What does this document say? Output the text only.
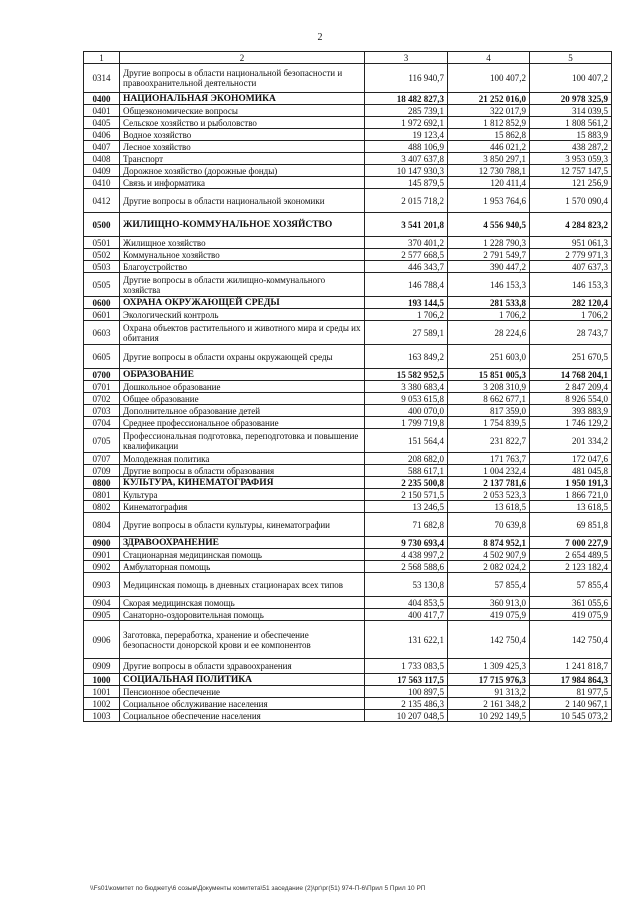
2
1	2	3	4	5
0314	Другие вопросы в области национальной безопасности и правоохранительной деятельности	116 940,7	100 407,2	100 407,2
0400	НАЦИОНАЛЬНАЯ ЭКОНОМИКА	18 482 827,3	21 252 016,0	20 978 325,9
0401	Общеэкономические вопросы	285 739,1	322 017,9	314 039,5
0405	Сельское хозяйство и рыболовство	1 972 692,1	1 812 852,9	1 808 561,2
0406	Водное хозяйство	19 123,4	15 862,8	15 883,9
0407	Лесное хозяйство	488 106,9	446 021,2	438 287,2
0408	Транспорт	3 407 637,8	3 850 297,1	3 953 059,3
0409	Дорожное хозяйство (дорожные фонды)	10 147 930,3	12 730 788,1	12 757 147,5
0410	Связь и информатика	145 879,5	120 411,4	121 256,9
0412	Другие вопросы в области национальной экономики	2 015 718,2	1 953 764,6	1 570 090,4
0500	ЖИЛИЩНО-КОММУНАЛЬНОЕ ХОЗЯЙСТВО	3 541 201,8	4 556 940,5	4 284 823,2
0501	Жилищное хозяйство	370 401,2	1 228 790,3	951 061,3
0502	Коммунальное хозяйство	2 577 668,5	2 791 549,7	2 779 971,3
0503	Благоустройство	446 343,7	390 447,2	407 637,3
0505	Другие вопросы в области жилищно-коммунального хозяйства	146 788,4	146 153,3	146 153,3
0600	ОХРАНА ОКРУЖАЮЩЕЙ СРЕДЫ	193 144,5	281 533,8	282 120,4
0601	Экологический контроль	1 706,2	1 706,2	1 706,2
0603	Охрана объектов растительного и животного мира и среды их обитания	27 589,1	28 224,6	28 743,7
0605	Другие вопросы в области охраны окружающей среды	163 849,2	251 603,0	251 670,5
0700	ОБРАЗОВАНИЕ	15 582 952,5	15 851 005,3	14 768 204,1
0701	Дошкольное образование	3 380 683,4	3 208 310,9	2 847 209,4
0702	Общее образование	9 053 615,8	8 662 677,1	8 926 554,0
0703	Дополнительное образование детей	400 070,0	817 359,0	393 883,9
0704	Среднее профессиональное образование	1 799 719,8	1 754 839,5	1 746 129,2
0705	Профессиональная подготовка, переподготовка и повышение квалификации	151 564,4	231 822,7	201 334,2
0707	Молодежная политика	208 682,0	171 763,7	172 047,6
0709	Другие вопросы в области образования	588 617,1	1 004 232,4	481 045,8
0800	КУЛЬТУРА, КИНЕМАТОГРАФИЯ	2 235 500,8	2 137 781,6	1 950 191,3
0801	Культура	2 150 571,5	2 053 523,3	1 866 721,0
0802	Кинематография	13 246,5	13 618,5	13 618,5
0804	Другие вопросы в области культуры, кинематографии	71 682,8	70 639,8	69 851,8
0900	ЗДРАВООХРАНЕНИЕ	9 730 693,4	8 874 952,1	7 000 227,9
0901	Стационарная медицинская помощь	4 438 997,2	4 502 907,9	2 654 489,5
0902	Амбулаторная помощь	2 568 588,6	2 082 024,2	2 123 182,4
0903	Медицинская помощь в дневных стационарах всех типов	53 130,8	57 855,4	57 855,4
0904	Скорая медицинская помощь	404 853,5	360 913,0	361 055,6
0905	Санаторно-оздоровительная помощь	400 417,7	419 075,9	419 075,9
0906	Заготовка, переработка, хранение и обеспечение безопасности донорской крови и ее компонентов	131 622,1	142 750,4	142 750,4
0909	Другие вопросы в области здравоохранения	1 733 083,5	1 309 425,3	1 241 818,7
1000	СОЦИАЛЬНАЯ ПОЛИТИКА	17 563 117,5	17 715 976,3	17 984 864,3
1001	Пенсионное обеспечение	100 897,5	91 313,2	81 977,5
1002	Социальное обслуживание населения	2 135 486,3	2 161 348,2	2 140 967,1
1003	Социальное обеспечение населения	10 207 048,5	10 292 149,5	10 545 073,2
\\Fs01\комитет по бюджету\6 созыв\Документы комитета\51 заседание (2)\рг\рг(51) 974-П-6\Прил 5 Прил 10 РП
